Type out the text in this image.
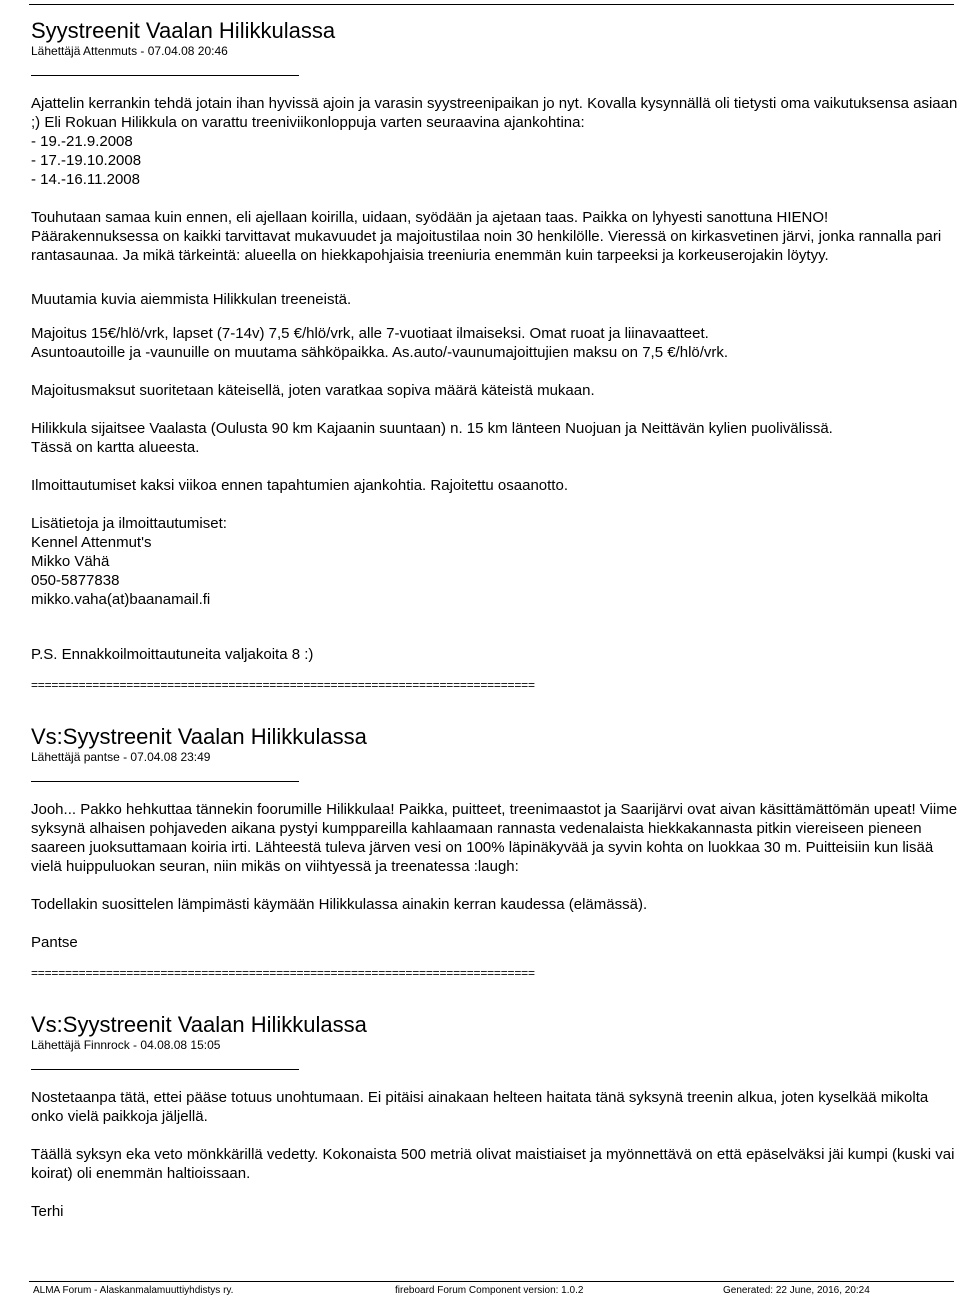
Syystreenit Vaalan Hilikkulassa

Lähettäjä Attenmuts - 07.04.08 20:46

Ajattelin kerrankin tehdä jotain ihan hyvissä ajoin ja varasin syystreenipaikan jo nyt. Kovalla kysynnällä oli tietysti oma vaikutuksensa asiaan ;) Eli Rokuan Hilikkula on varattu treeniviikonloppuja varten seuraavina ajankohtina:
- 19.-21.9.2008
- 17.-19.10.2008
- 14.-16.11.2008

Touhutaan samaa kuin ennen, eli ajellaan koirilla, uidaan, syödään ja ajetaan taas. Paikka on lyhyesti sanottuna HIENO! Päärakennuksessa on kaikki tarvittavat mukavuudet ja majoitustilaa noin 30 henkilölle. Vieressä on kirkasvetinen järvi, jonka rannalla pari rantasaunaa. Ja mikä tärkeintä: alueella on hiekkapohjaisia treeniuria enemmän kuin tarpeeksi ja korkeuserojakin löytyy.

Muutamia kuvia aiemmista Hilikkulan treeneistä.

Majoitus 15€/hlö/vrk, lapset (7-14v) 7,5 €/hlö/vrk, alle 7-vuotiaat ilmaiseksi. Omat ruoat ja liinavaatteet.
Asuntoautoille ja -vaunuille on muutama sähköpaikka. As.auto/-vaunumajoittujien maksu on 7,5 €/hlö/vrk.

Majoitusmaksut suoritetaan käteisellä, joten varatkaa sopiva määrä käteistä mukaan.

Hilikkula sijaitsee Vaalasta (Oulusta 90 km Kajaanin suuntaan) n. 15 km länteen Nuojuan ja Neittävän kylien puolivälissä.
Tässä on kartta alueesta.

Ilmoittautumiset kaksi viikoa ennen tapahtumien ajankohtia. Rajoitettu osaanotto.

Lisätietoja ja ilmoittautumiset:
Kennel Attenmut's
Mikko Vähä
050-5877838
mikko.vaha(at)baanamail.fi

P.S. Ennakkoilmoittautuneita valjakoita 8 :)

==========================================================================

Vs:Syystreenit Vaalan Hilikkulassa

Lähettäjä pantse - 07.04.08 23:49

Jooh... Pakko hehkuttaa tännekin foorumille Hilikkulaa! Paikka, puitteet, treenimaastot ja Saarijärvi ovat aivan käsittämättömän upeat! Viime syksynä alhaisen pohjaveden aikana pystyi kumppareilla kahlaamaan rannasta vedenalaista hiekkakannasta pitkin viereiseen pieneen saareen juoksuttamaan koiria irti. Lähteestä tuleva järven vesi on 100% läpinäkyvää ja syvin kohta on luokkaa 30 m. Puitteisiin kun lisää vielä huippuluokan seuran, niin mikäs on viihtyessä ja treenatessa :laugh:

Todellakin suosittelen lämpimästi käymään Hilikkulassa ainakin kerran kaudessa (elämässä).

Pantse

==========================================================================

Vs:Syystreenit Vaalan Hilikkulassa

Lähettäjä Finnrock - 04.08.08 15:05

Nostetaanpa tätä, ettei pääse totuus unohtumaan. Ei pitäisi ainakaan helteen haitata tänä syksynä treenin alkua, joten kyselkää mikolta onko vielä paikkoja jäljellä.

Täällä syksyn eka veto mönkkärillä vedetty. Kokonaista 500 metriä olivat maistiaiset ja myönnettävä on että epäselväksi jäi kumpi (kuski vai koirat) oli enemmän haltioissaan.

Terhi

ALMA Forum - Alaskanmalamuuttiyhdistys ry.	fireboard Forum Component version: 1.0.2	Generated: 22 June, 2016, 20:24
